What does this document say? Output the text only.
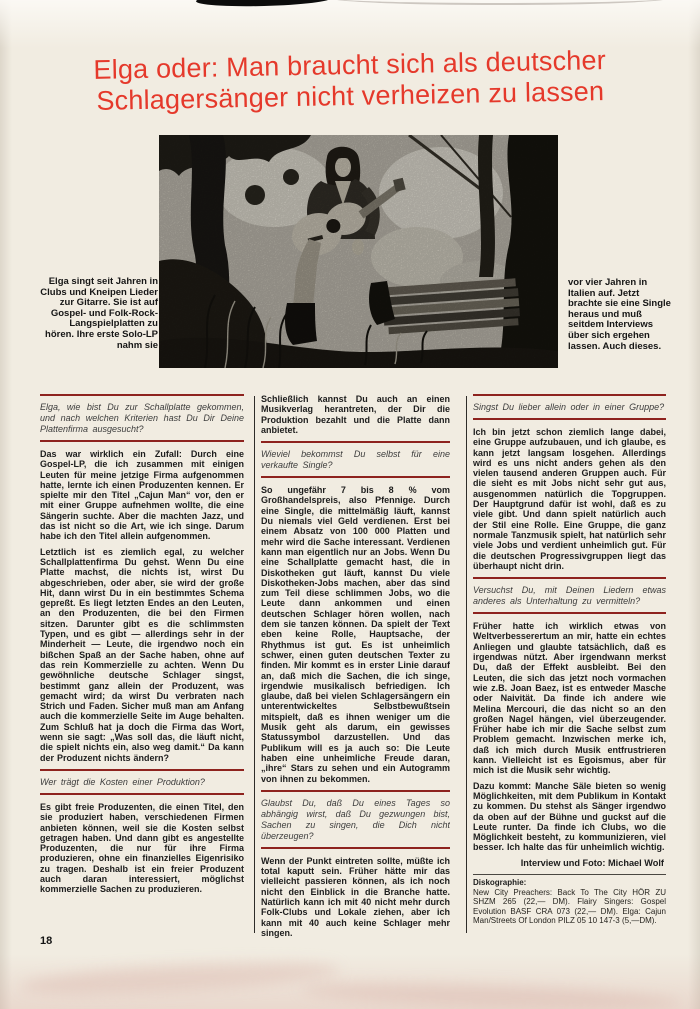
Elga oder: Man braucht sich als deutscher
Schlagersänger nicht verheizen zu lassen

Elga singt seit Jahren in Clubs und Kneipen Lieder zur Gitarre. Sie ist auf Gospel- und Folk-Rock-Langspielplatten zu hören. Ihre erste Solo-LP nahm sie

vor vier Jahren in Italien auf. Jetzt brachte sie eine Single heraus und muß seitdem Interviews über sich ergehen lassen. Auch dieses.

Elga, wie bist Du zur Schallplatte gekommen, und nach welchen Kriterien hast Du Dir Deine Plattenfirma ausgesucht?

Das war wirklich ein Zufall: Durch eine Gospel-LP, die ich zusammen mit einigen Leuten für meine jetzige Firma aufgenommen hatte, lernte ich einen Produzenten kennen. Er spielte mir den Titel „Cajun Man“ vor, den er mit einer Gruppe aufnehmen wollte, die eine Sängerin suchte. Aber die machten Jazz, und das ist nicht so die Art, wie ich singe. Darum habe ich den Titel allein aufgenommen.

Letztlich ist es ziemlich egal, zu welcher Schallplattenfirma Du gehst. Wenn Du eine Platte machst, die nichts ist, wirst Du abgeschrieben, oder aber, sie wird der große Hit, dann wirst Du in ein bestimmtes Schema gepreßt. Es liegt letzten Endes an den Leuten, an den Produzenten, die bei den Firmen sitzen. Darunter gibt es die schlimmsten Typen, und es gibt — allerdings sehr in der Minderheit — Leute, die irgendwo noch ein bißchen Spaß an der Sache haben, ohne auf das rein Kommerzielle zu achten. Wenn Du gewöhnliche deutsche Schlager singst, bestimmt ganz allein der Produzent, was gemacht wird; da wirst Du verbraten nach Strich und Faden. Sicher muß man am Anfang auch die kommerzielle Seite im Auge behalten. Zum Schluß hat ja doch die Firma das Wort, wenn sie sagt: „Was soll das, die läuft nicht, die spielt nichts ein, also weg damit.“ Da kann der Produzent nichts ändern?

Wer trägt die Kosten einer Produktion?

Es gibt freie Produzenten, die einen Titel, den sie produziert haben, verschiedenen Firmen anbieten können, weil sie die Kosten selbst getragen haben. Und dann gibt es angestellte Produzenten, die nur für ihre Firma produzieren, ohne ein finanzielles Eigenrisiko zu tragen. Deshalb ist ein freier Produzent auch daran interessiert, möglichst kommerzielle Sachen zu produzieren.

Schließlich kannst Du auch an einen Musikverlag herantreten, der Dir die Produktion bezahlt und die Platte dann anbietet.

Wieviel bekommst Du selbst für eine verkaufte Single?

So ungefähr 7 bis 8 % vom Großhandelspreis, also Pfennige. Durch eine Single, die mittelmäßig läuft, kannst Du niemals viel Geld verdienen. Erst bei einem Absatz von 100 000 Platten und mehr wird die Sache interessant. Verdienen kann man eigentlich nur an Jobs. Wenn Du eine Schallplatte gemacht hast, die in Diskotheken gut läuft, kannst Du viele Diskotheken-Jobs machen, aber das sind zum Teil diese schlimmen Jobs, wo die Leute dann ankommen und einen deutschen Schlager hören wollen, nach dem sie tanzen können. Da spielt der Text eben keine Rolle, Hauptsache, der Rhythmus ist gut. Es ist unheimlich schwer, einen guten deutschen Texter zu finden. Mir kommt es in erster Linie darauf an, daß mich die Sachen, die ich singe, irgendwie musikalisch befriedigen. Ich glaube, daß bei vielen Schlagersängern ein unterentwickeltes Selbstbewußtsein mitspielt, daß es ihnen weniger um die Musik geht als darum, ein gewisses Statussymbol darzustellen. Und das Publikum will es ja auch so: Die Leute haben eine unheimliche Freude daran, „ihre“ Stars zu sehen und ein Autogramm von ihnen zu bekommen.

Glaubst Du, daß Du eines Tages so abhängig wirst, daß Du gezwungen bist, Sachen zu singen, die Dich nicht überzeugen?

Wenn der Punkt eintreten sollte, müßte ich total kaputt sein. Früher hätte mir das vielleicht passieren können, als ich noch nicht den Einblick in die Branche hatte. Natürlich kann ich mit 40 nicht mehr durch Folk-Clubs und Lokale ziehen, aber ich kann mit 40 auch keine Schlager mehr singen.

Singst Du lieber allein oder in einer Gruppe?

Ich bin jetzt schon ziemlich lange dabei, eine Gruppe aufzubauen, und ich glaube, es kann jetzt langsam losgehen. Allerdings wird es uns nicht anders gehen als den vielen tausend anderen Gruppen auch. Für die sieht es mit Jobs nicht sehr gut aus, ausgenommen natürlich die Topgruppen. Der Hauptgrund dafür ist wohl, daß es zu viele gibt. Und dann spielt natürlich auch der Stil eine Rolle. Eine Gruppe, die ganz normale Tanzmusik spielt, hat natürlich sehr viele Jobs und verdient unheimlich gut. Für die deutschen Progressivgruppen liegt das überhaupt nicht drin.

Versuchst Du, mit Deinen Liedern etwas anderes als Unterhaltung zu vermitteln?

Früher hatte ich wirklich etwas von Weltverbesserertum an mir, hatte ein echtes Anliegen und glaubte tatsächlich, daß es irgendwas nützt. Aber irgendwann merkst Du, daß der Effekt ausbleibt. Bei den Leuten, die sich das jetzt noch vormachen wie z.B. Joan Baez, ist es entweder Masche oder Naivität. Da finde ich andere wie Melina Mercouri, die das nicht so an den großen Nagel hängen, viel überzeugender. Früher habe ich mir die Sache selbst zum Problem gemacht. Inzwischen merke ich, daß ich mich durch Musik entfrustrieren kann. Vielleicht ist es Egoismus, aber für mich ist die Musik sehr wichtig.

Dazu kommt: Manche Säle bieten so wenig Möglichkeiten, mit dem Publikum in Kontakt zu kommen. Du stehst als Sänger irgendwo da oben auf der Bühne und guckst auf die Leute runter. Da finde ich Clubs, wo die Möglichkeit besteht, zu kommunizieren, viel besser. Ich halte das für unheimlich wichtig.

Interview und Foto: Michael Wolf

Diskographie:

New City Preachers: Back To The City HÖR ZU SHZM 265 (22,— DM). Flairy Singers: Gospel Evolution BASF CRA 073 (22,— DM). Elga: Cajun Man/Streets Of London PILZ 05 10 147-3 (5,—DM).

18
